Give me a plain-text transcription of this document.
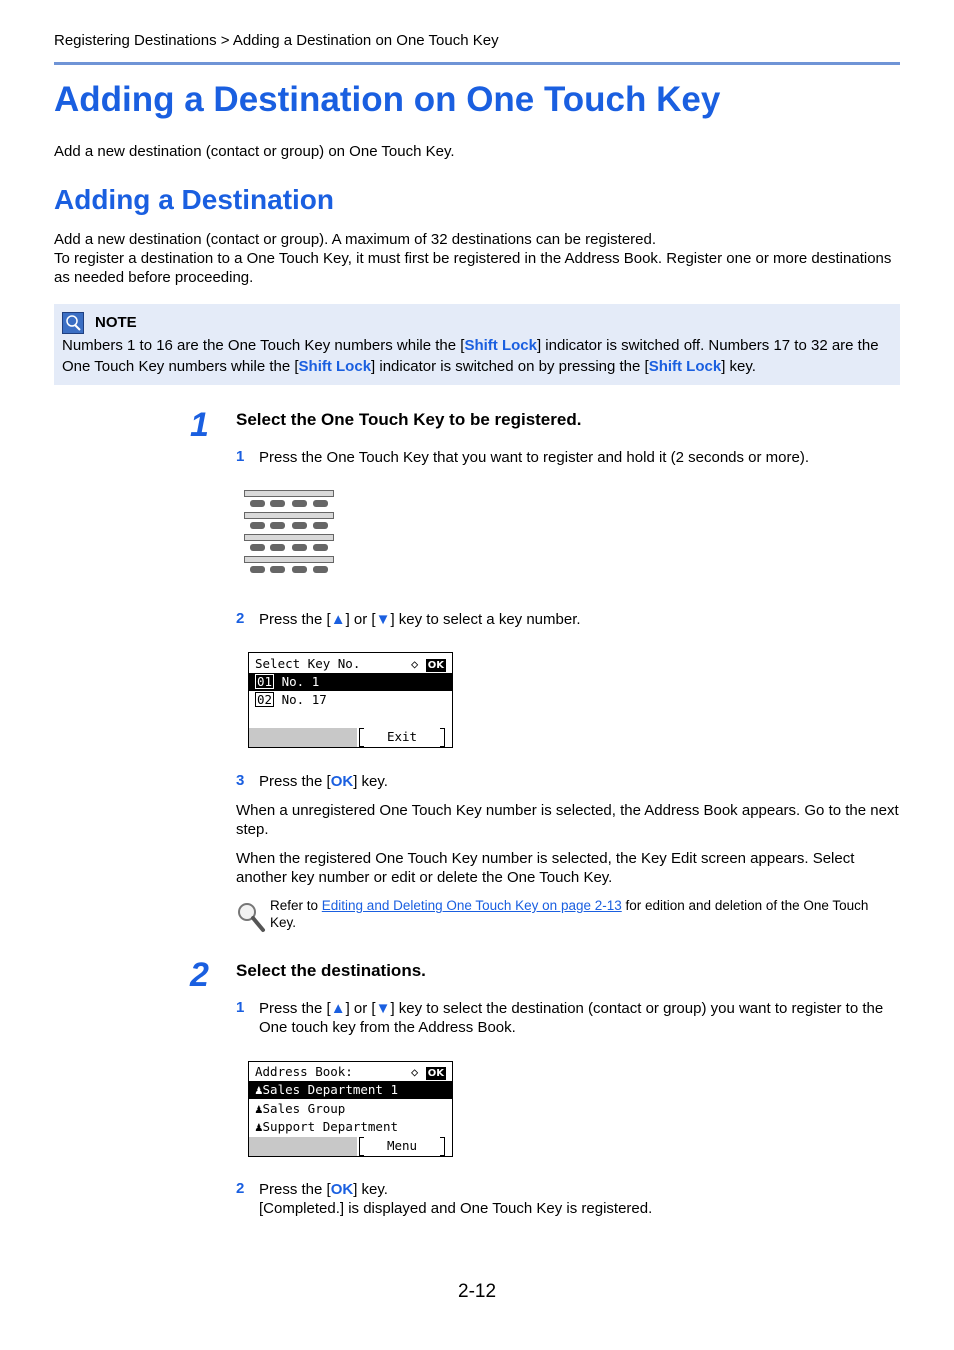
Registering Destinations > Adding a Destination on One Touch Key
Adding a Destination on One Touch Key
Add a new destination (contact or group) on One Touch Key.
Adding a Destination
Add a new destination (contact or group). A maximum of 32 destinations can be registered.
To register a destination to a One Touch Key, it must first be registered in the Address Book. Register one or more destinations as needed before proceeding.
NOTE
Numbers 1 to 16 are the One Touch Key numbers while the [Shift Lock] indicator is switched off. Numbers 17 to 32 are the One Touch Key numbers while the [Shift Lock] indicator is switched on by pressing the [Shift Lock] key.
1 Select the One Touch Key to be registered.
1 Press the One Touch Key that you want to register and hold it (2 seconds or more).
2 Press the [▲] or [▼] key to select a key number.
Select Key No.	◇ OK
01 No. 1
02 No. 17
Exit
3 Press the [OK] key.
When a unregistered One Touch Key number is selected, the Address Book appears. Go to the next step.
When the registered One Touch Key number is selected, the Key Edit screen appears. Select another key number or edit or delete the One Touch Key.
Refer to Editing and Deleting One Touch Key on page 2-13 for edition and deletion of the One Touch Key.
2 Select the destinations.
1 Press the [▲] or [▼] key to select the destination (contact or group) you want to register to the One touch key from the Address Book.
Address Book:	◇ OK
♟Sales Department 1
♟Sales Group
♟Support Department
Menu
2 Press the [OK] key.
[Completed.] is displayed and One Touch Key is registered.
2-12
